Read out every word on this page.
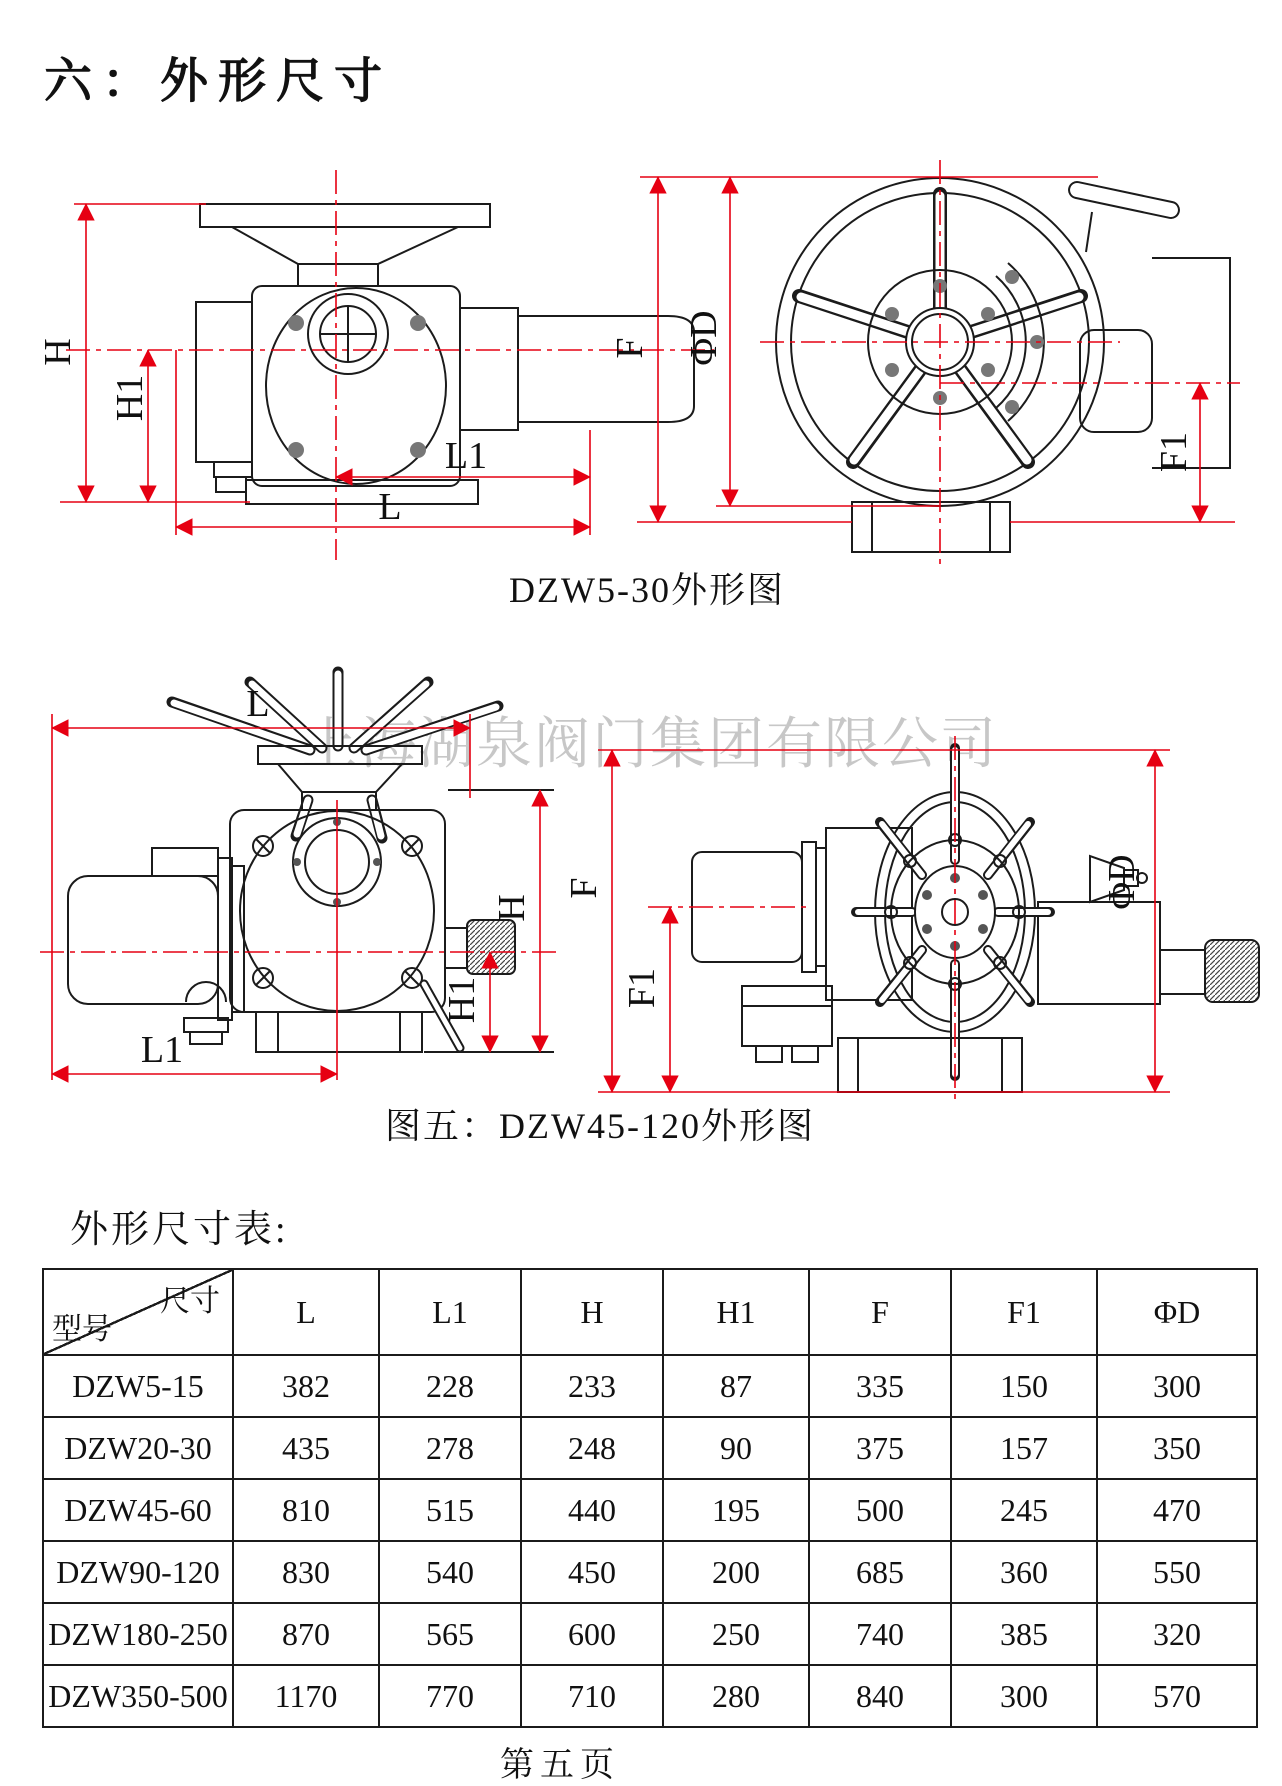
六：外形尺寸
上海湖泉阀门集团有限公司
H
H1
L1
L
F ΦD
F1
DZW5-30外形图
L
L1
H
H1
F
F1
ΦD
图五：DZW45-120外形图
外形尺寸表:
尺寸
型号	L	L1	H	H1	F	F1	ΦD
DZW5-15	382	228	233	87	335	150	300
DZW20-30	435	278	248	90	375	157	350
DZW45-60	810	515	440	195	500	245	470
DZW90-120	830	540	450	200	685	360	550
DZW180-250	870	565	600	250	740	385	320
DZW350-500	1170	770	710	280	840	300	570
第五页
